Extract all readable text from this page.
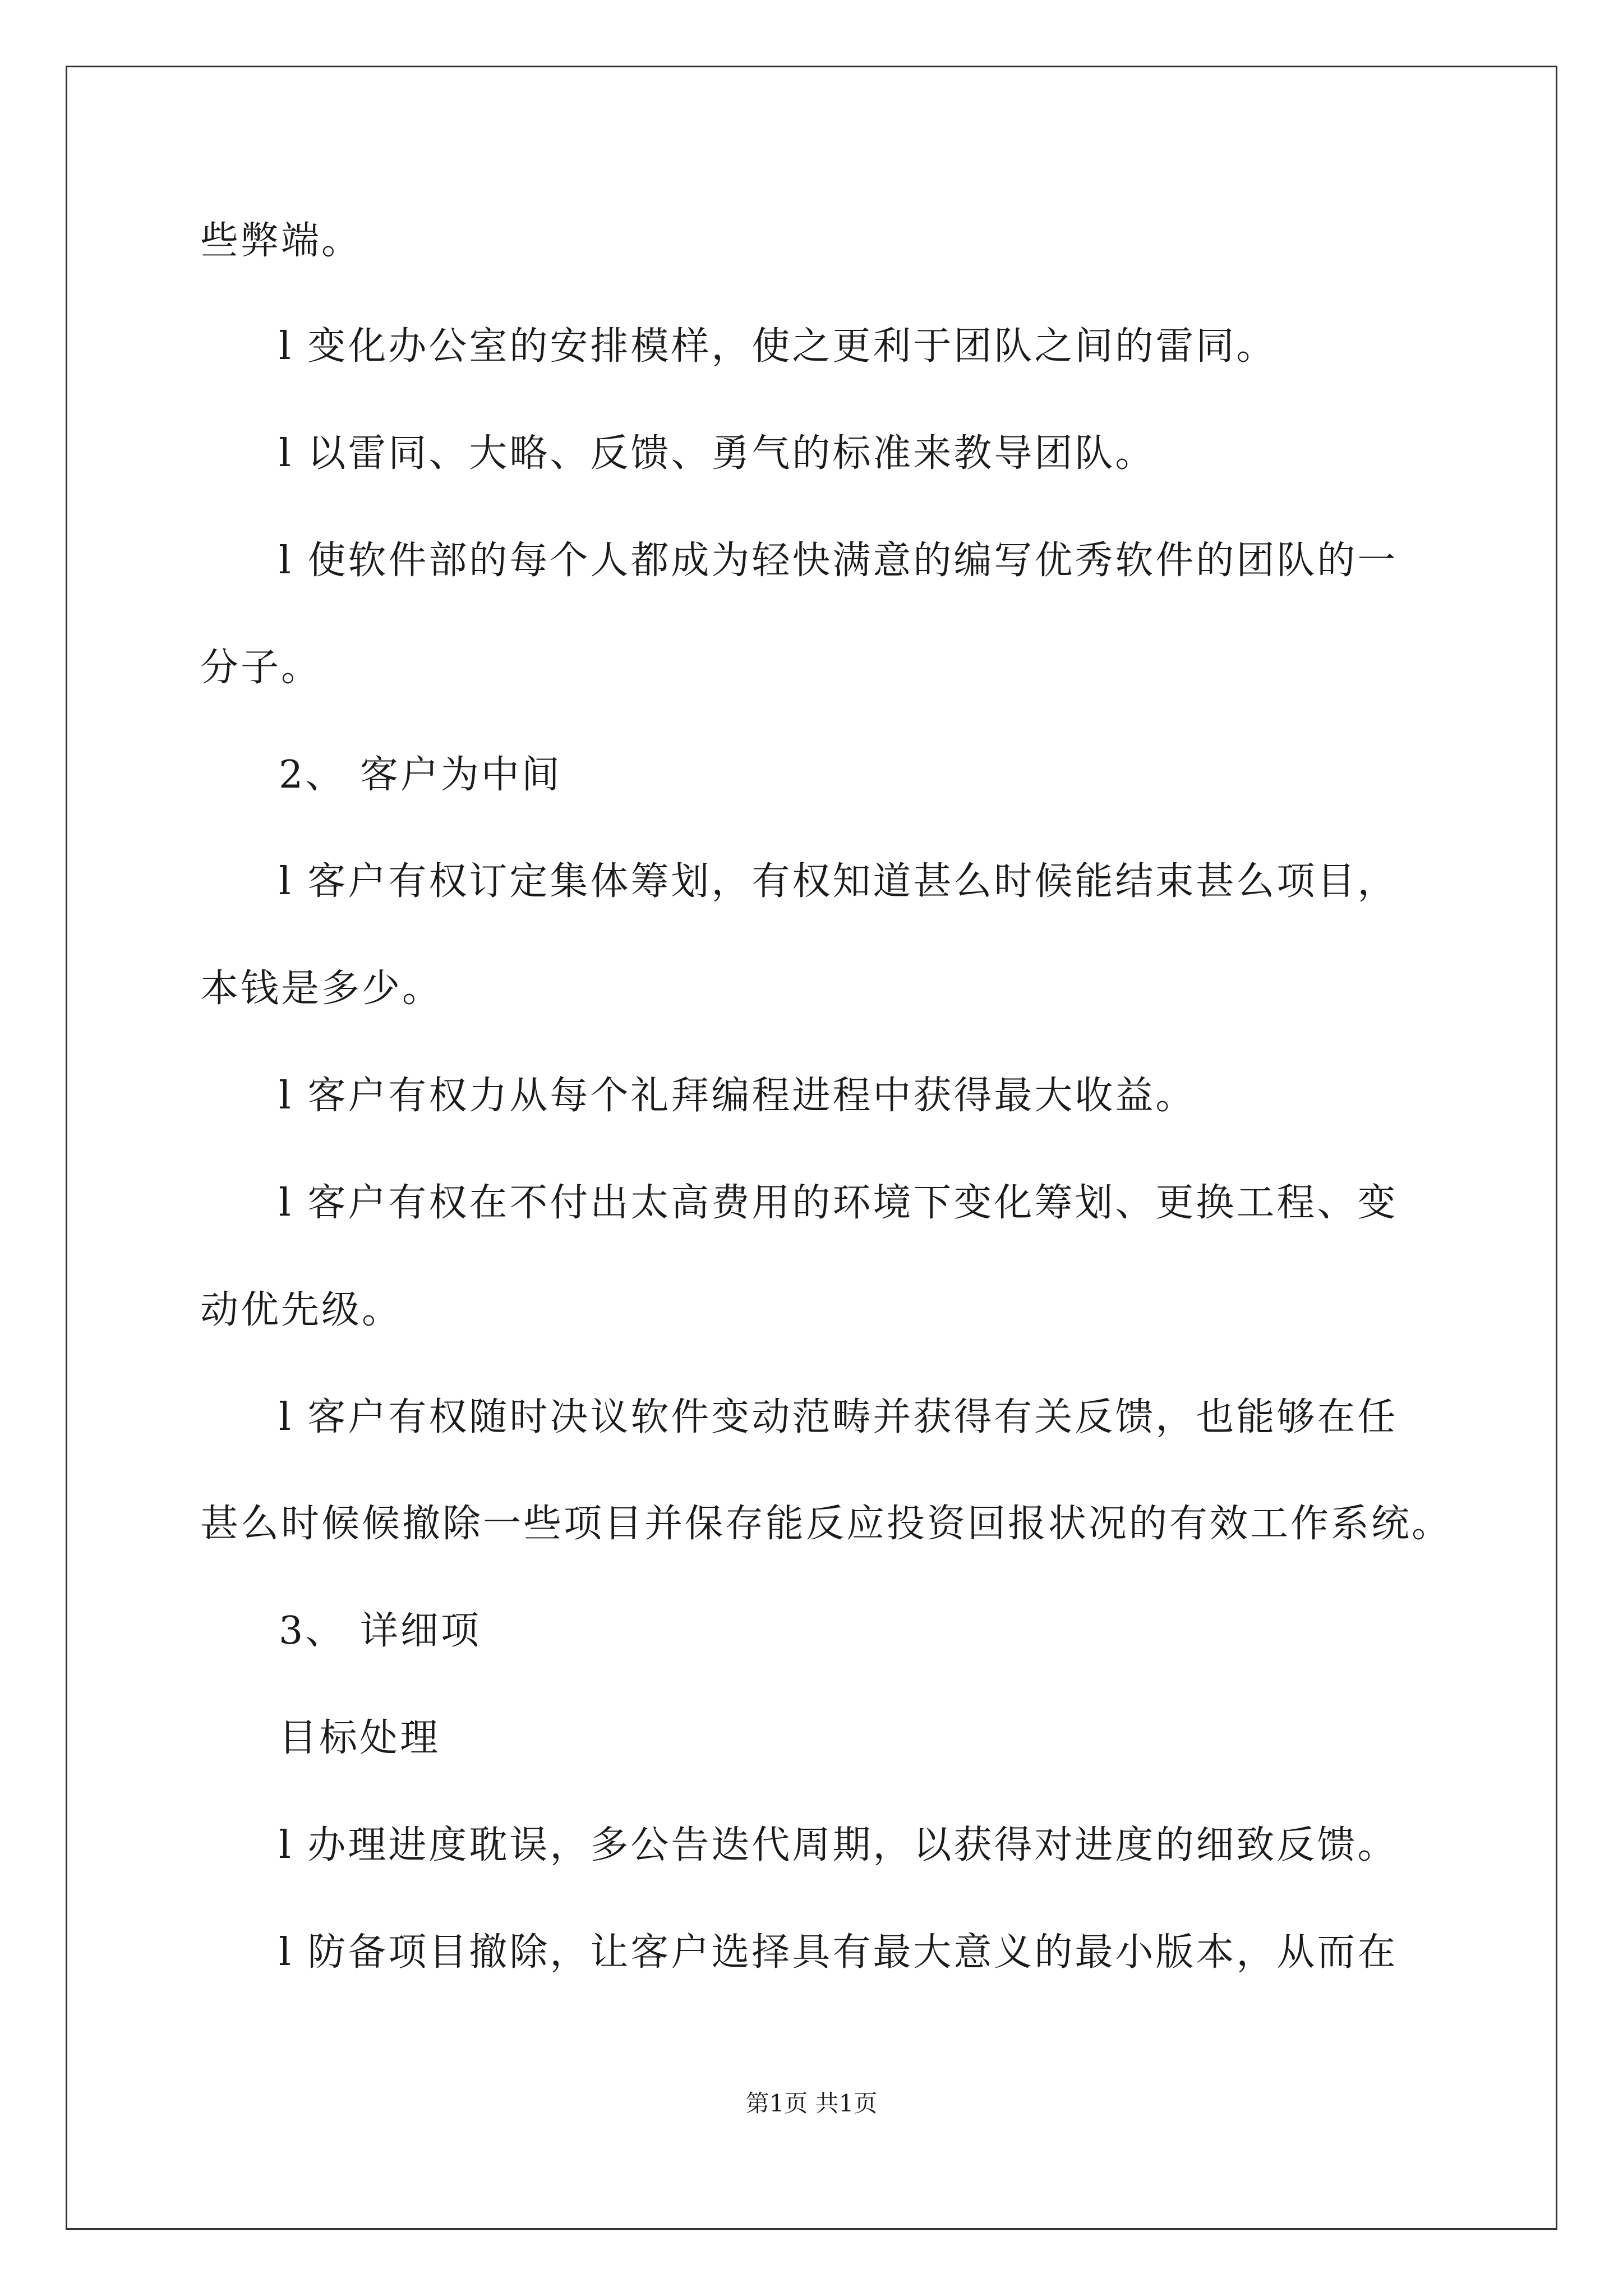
些弊端。

l 变化办公室的安排模样，使之更利于团队之间的雷同。

l 以雷同、大略、反馈、勇气的标准来教导团队。

l 使软件部的每个人都成为轻快满意的编写优秀软件的团队的一

分子。

2、 客户为中间

l 客户有权订定集体筹划，有权知道甚么时候能结束甚么项目，

本钱是多少。

l 客户有权力从每个礼拜编程进程中获得最大收益。

l 客户有权在不付出太高费用的环境下变化筹划、更换工程、变

动优先级。

l 客户有权随时决议软件变动范畴并获得有关反馈，也能够在任

甚么时候候撤除一些项目并保存能反应投资回报状况的有效工作系统。

3、 详细项

目标处理

l 办理进度耽误，多公告迭代周期，以获得对进度的细致反馈。

l 防备项目撤除，让客户选择具有最大意义的最小版本，从而在

第1页 共1页
